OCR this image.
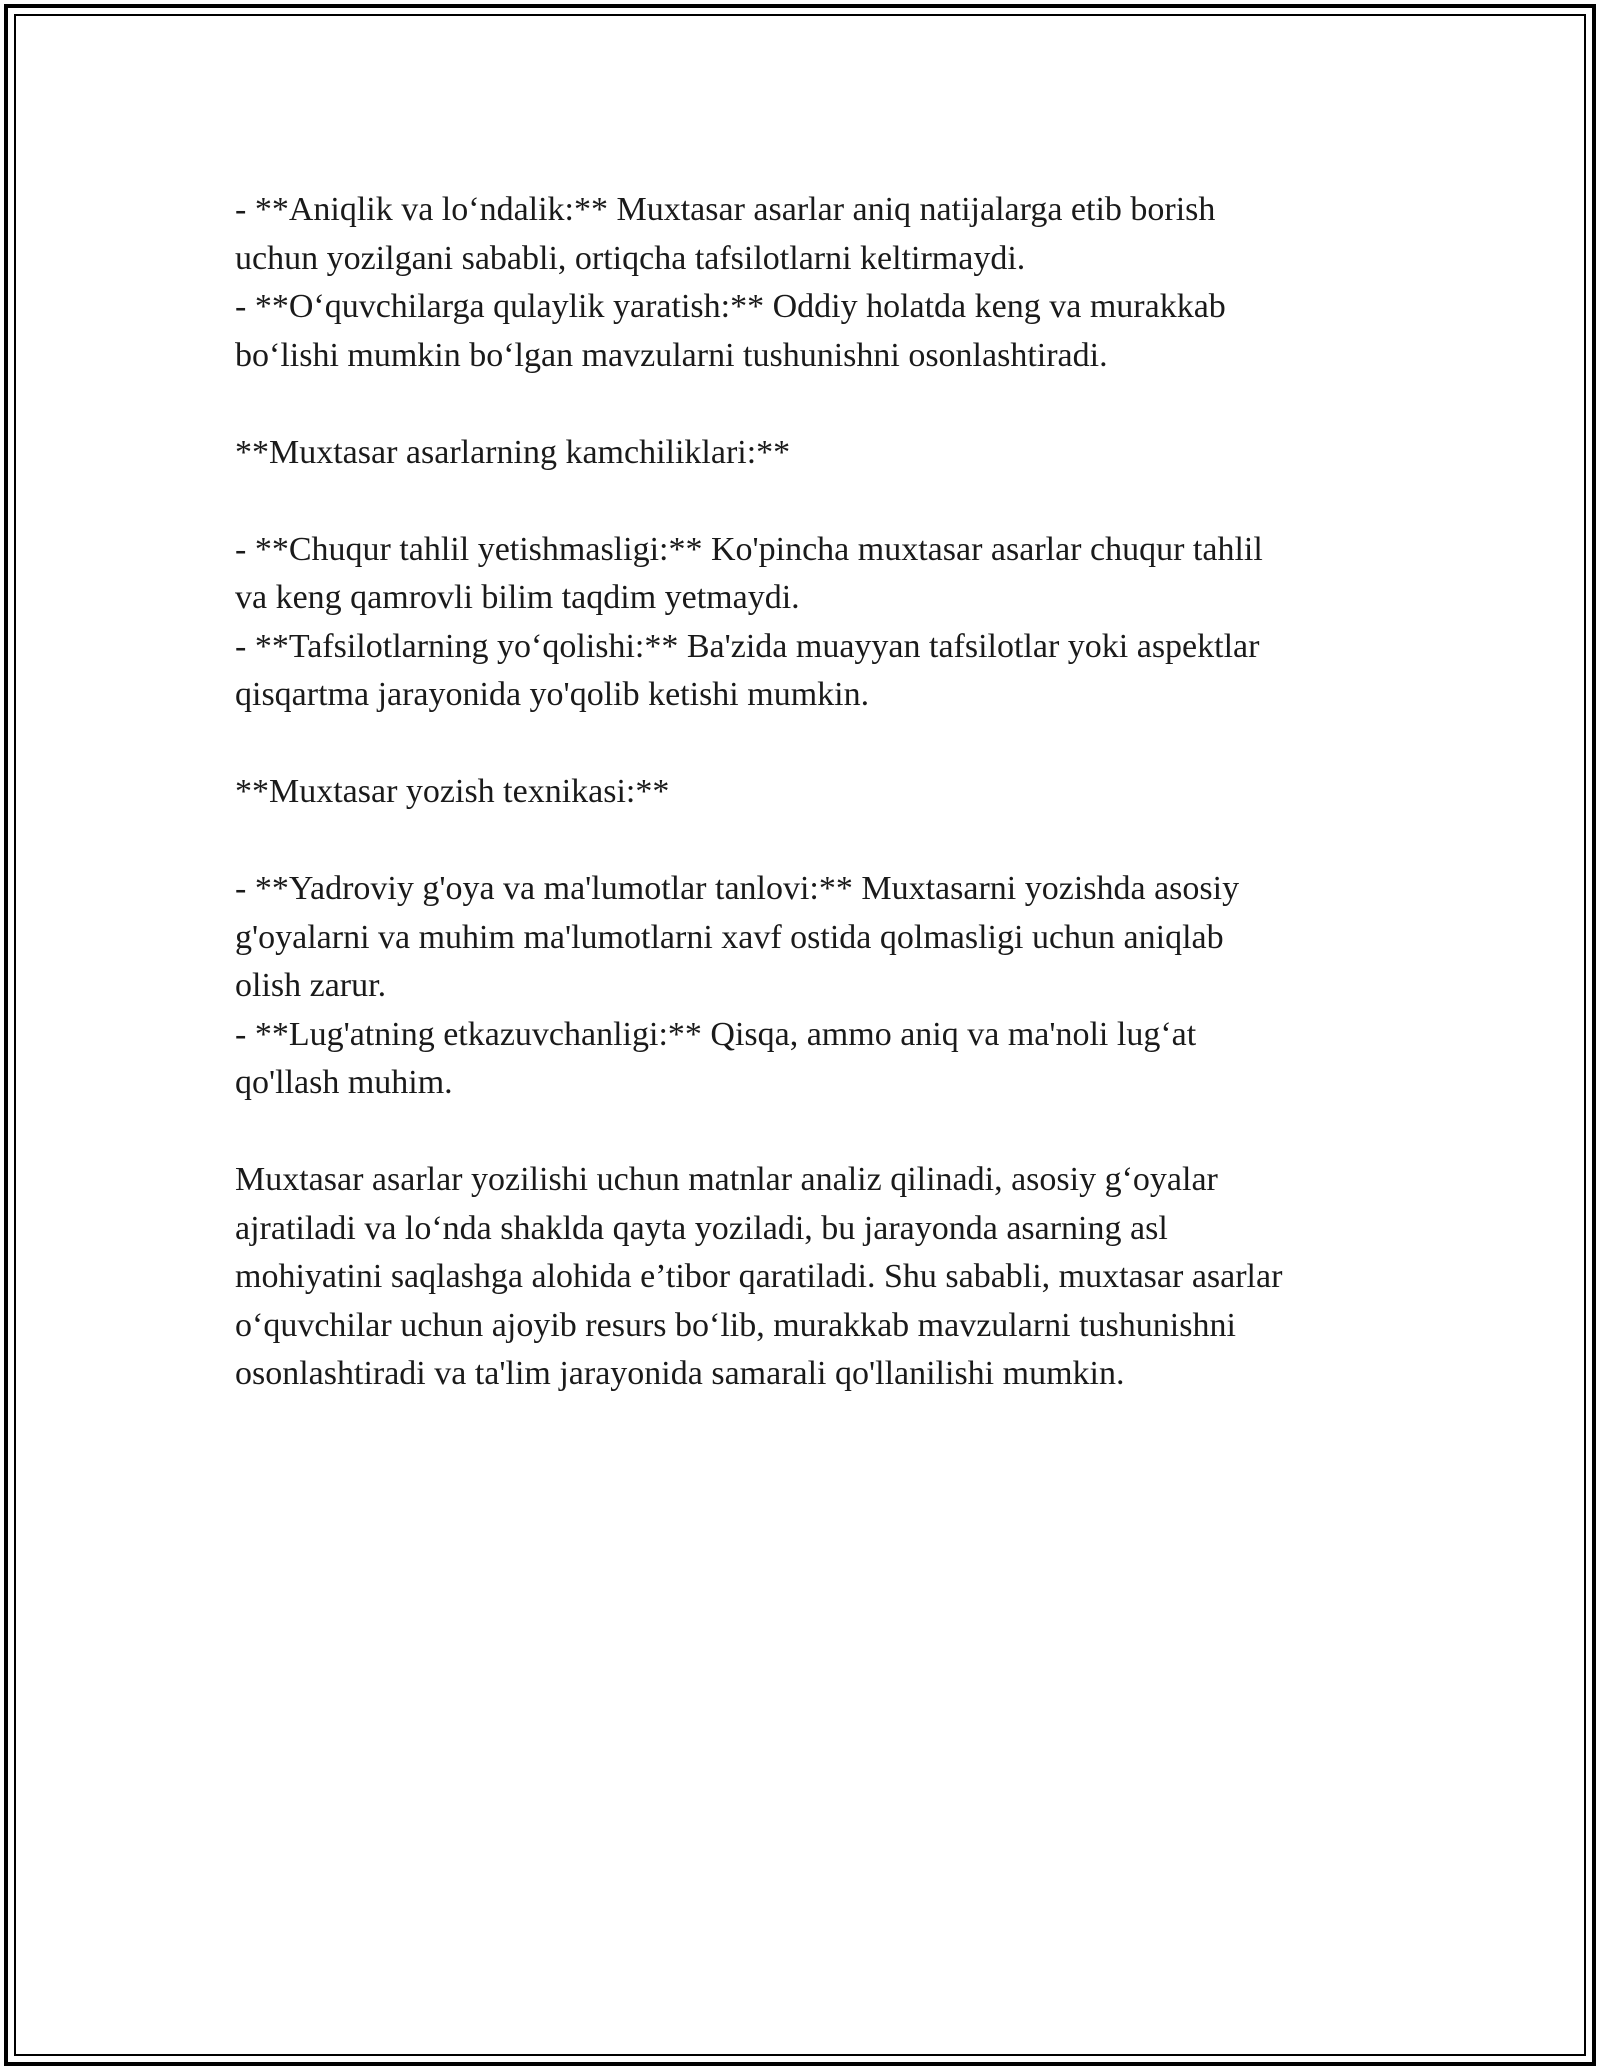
- **Aniqlik va lo‘ndalik:** Muxtasar asarlar aniq natijalarga etib borish

uchun yozilgani sababli, ortiqcha tafsilotlarni keltirmaydi.

- **O‘quvchilarga qulaylik yaratish:** Oddiy holatda keng va murakkab

bo‘lishi mumkin bo‘lgan mavzularni tushunishni osonlashtiradi.

**Muxtasar asarlarning kamchiliklari:**

- **Chuqur tahlil yetishmasligi:** Ko'pincha muxtasar asarlar chuqur tahlil

va keng qamrovli bilim taqdim yetmaydi.

- **Tafsilotlarning yo‘qolishi:** Ba'zida muayyan tafsilotlar yoki aspektlar

qisqartma jarayonida yo'qolib ketishi mumkin.

**Muxtasar yozish texnikasi:**

- **Yadroviy g'oya va ma'lumotlar tanlovi:** Muxtasarni yozishda asosiy

g'oyalarni va muhim ma'lumotlarni xavf ostida qolmasligi uchun aniqlab

olish zarur.

- **Lug'atning etkazuvchanligi:** Qisqa, ammo aniq va ma'noli lug‘at

qo'llash muhim.

Muxtasar asarlar yozilishi uchun matnlar analiz qilinadi, asosiy g‘oyalar

ajratiladi va lo‘nda shaklda qayta yoziladi, bu jarayonda asarning asl

mohiyatini saqlashga alohida e’tibor qaratiladi. Shu sababli, muxtasar asarlar

o‘quvchilar uchun ajoyib resurs bo‘lib, murakkab mavzularni tushunishni

osonlashtiradi va ta'lim jarayonida samarali qo'llanilishi mumkin.
